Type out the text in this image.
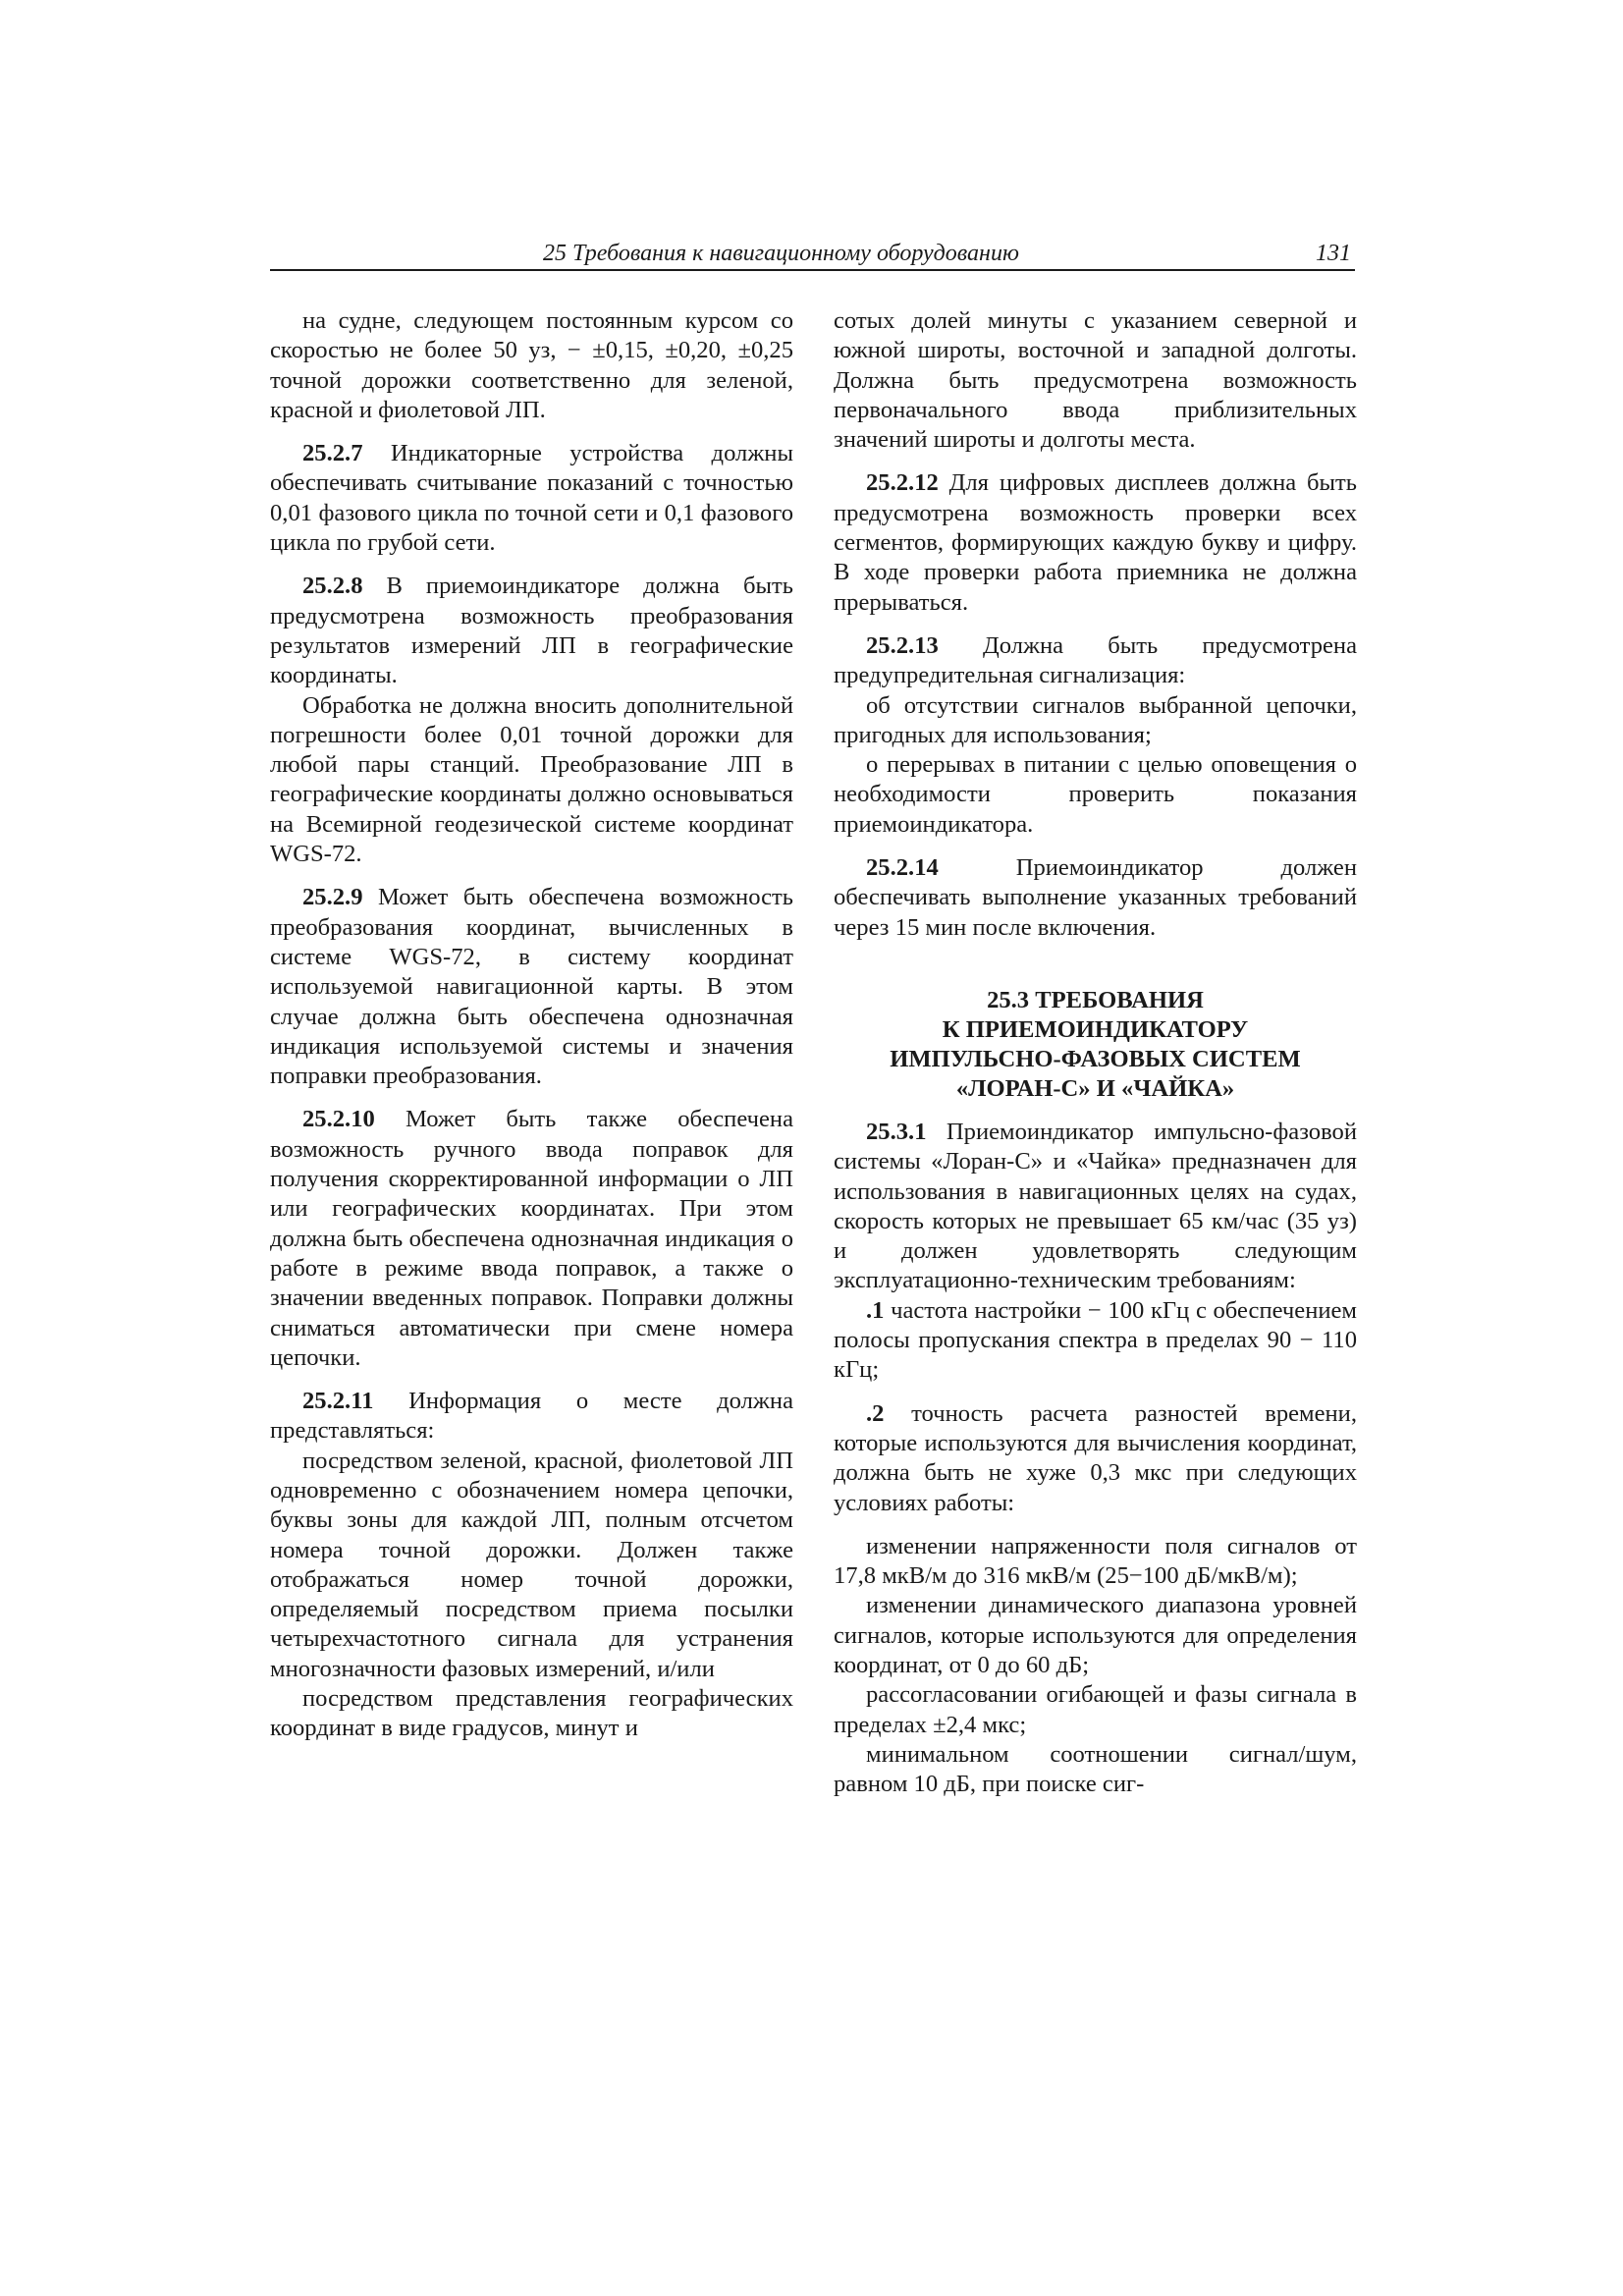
25 Требования к навигационному оборудованию	131

на судне, следующем постоянным курсом со скоростью не более 50 уз, − ±0,15, ±0,20, ±0,25 точной дорожки соответственно для зеленой, красной и фиолетовой ЛП.

25.2.7 Индикаторные устройства должны обеспечивать считывание показаний с точностью 0,01 фазового цикла по точной сети и 0,1 фазового цикла по грубой сети.

25.2.8 В приемоиндикаторе должна быть предусмотрена возможность преобразования результатов измерений ЛП в географические координаты.

Обработка не должна вносить дополнительной погрешности более 0,01 точной дорожки для любой пары станций. Преобразование ЛП в географические координаты должно основываться на Всемирной геодезической системе координат WGS-72.

25.2.9 Может быть обеспечена возможность преобразования координат, вычисленных в системе WGS-72, в систему координат используемой навигационной карты. В этом случае должна быть обеспечена однозначная индикация используемой системы и значения поправки преобразования.

25.2.10 Может быть также обеспечена возможность ручного ввода поправок для получения скорректированной информации о ЛП или географических координатах. При этом должна быть обеспечена однозначная индикация о работе в режиме ввода поправок, а также о значении введенных поправок. Поправки должны сниматься автоматически при смене номера цепочки.

25.2.11 Информация о месте должна представляться:

посредством зеленой, красной, фиолетовой ЛП одновременно с обозначением номера цепочки, буквы зоны для каждой ЛП, полным отсчетом номера точной дорожки. Должен также отображаться номер точной дорожки, определяемый посредством приема посылки четырехчастотного сигнала для устранения многозначности фазовых измерений, и/или

посредством представления географических координат в виде градусов, минут и

сотых долей минуты с указанием северной и южной широты, восточной и западной долготы. Должна быть предусмотрена возможность первоначального ввода приблизительных значений широты и долготы места.

25.2.12 Для цифровых дисплеев должна быть предусмотрена возможность проверки всех сегментов, формирующих каждую букву и цифру. В ходе проверки работа приемника не должна прерываться.

25.2.13 Должна быть предусмотрена предупредительная сигнализация:

об отсутствии сигналов выбранной цепочки, пригодных для использования;

о перерывах в питании с целью оповещения о необходимости проверить показания приемоиндикатора.

25.2.14 Приемоиндикатор должен обеспечивать выполнение указанных требований через 15 мин после включения.

25.3 ТРЕБОВАНИЯ
К ПРИЕМОИНДИКАТОРУ
ИМПУЛЬСНО-ФАЗОВЫХ СИСТЕМ
«ЛОРАН-С» И «ЧАЙКА»

25.3.1 Приемоиндикатор импульсно-фазовой системы «Лоран-С» и «Чайка» предназначен для использования в навигационных целях на судах, скорость которых не превышает 65 км/час (35 уз) и должен удовлетворять следующим эксплуатационно-техническим требованиям:

.1 частота настройки − 100 кГц с обеспечением полосы пропускания спектра в пределах 90 − 110 кГц;

.2 точность расчета разностей времени, которые используются для вычисления координат, должна быть не хуже 0,3 мкс при следующих условиях работы:

изменении напряженности поля сигналов от 17,8 мкВ/м до 316 мкВ/м (25−100 дБ/мкВ/м);

изменении динамического диапазона уровней сигналов, которые используются для определения координат, от 0 до 60 дБ;

рассогласовании огибающей и фазы сигнала в пределах ±2,4 мкс;

минимальном соотношении сигнал/шум, равном 10 дБ, при поиске сиг-
